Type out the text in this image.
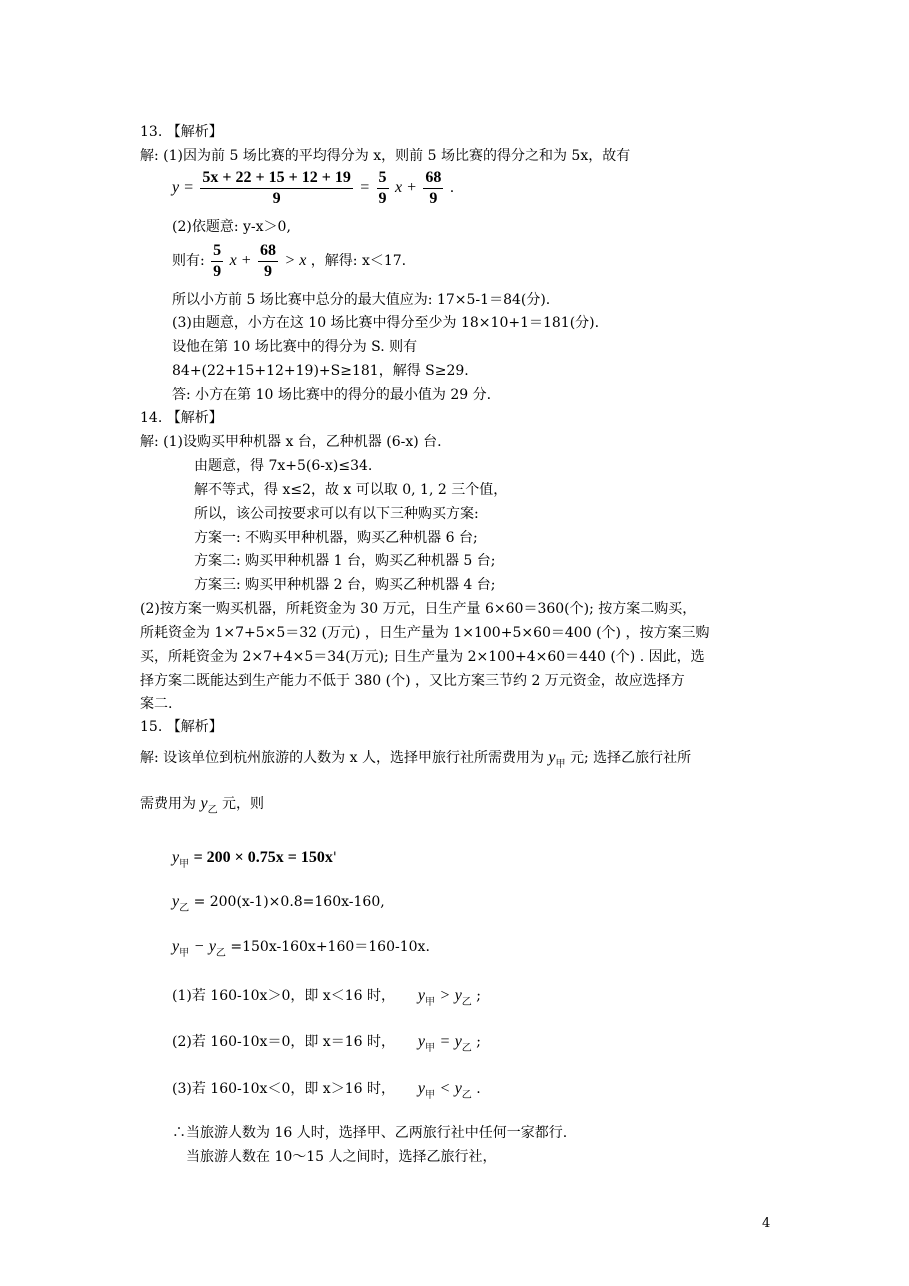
13. 【解析】
解: (1)因为前 5 场比赛的平均得分为 x，则前 5 场比赛的得分之和为 5x，故有
$y = \frac{5x + 22 + 15 + 12 + 19}{9} = \frac{5}{9}$ $x + \frac{68}{9}$ .
(2)依题意: y-x＞0,
则有: $\frac{5}{9}$ $x + \frac{68}{9} > x$ ，解得: x＜17.
所以小方前 5 场比赛中总分的最大值应为: 17×5-1＝84(分).
(3)由题意，小方在这 10 场比赛中得分至少为 18×10+1＝181(分).
设他在第 10 场比赛中的得分为 S. 则有
84+(22+15+12+19)+S≥181，解得 S≥29.
答: 小方在第 10 场比赛中的得分的最小值为 29 分.
14. 【解析】
解: (1)设购买甲种机器 x 台，乙种机器 (6-x) 台.
由题意，得 7x+5(6-x)≤34.
解不等式，得 x≤2，故 x 可以取 0, 1, 2 三个值，
所以，该公司按要求可以有以下三种购买方案:
方案一: 不购买甲种机器，购买乙种机器 6 台;
方案二: 购买甲种机器 1 台，购买乙种机器 5 台;
方案三: 购买甲种机器 2 台，购买乙种机器 4 台;
(2)按方案一购买机器，所耗资金为 30 万元，日生产量 6×60＝360(个); 按方案二购买，
所耗资金为 1×7+5×5＝32 (万元) ，日生产量为 1×100+5×60＝400 (个) ，按方案三购
买，所耗资金为 2×7+4×5＝34(万元); 日生产量为 2×100+4×60＝440 (个) . 因此，选
择方案二既能达到生产能力不低于 380 (个) ，又比方案三节约 2 万元资金，故应选择方
案二.
15. 【解析】
解: 设该单位到杭州旅游的人数为 x 人，选择甲旅行社所需费用为 $y_甲$ 元; 选择乙旅行社所
需费用为 $y_乙$ 元，则
$y_甲 = 200 \times 0.75x = 150x'$
$y_乙 = 200(x-1)\times 0.8=160x-160$,
$y_甲 - y_乙 =150x-160x+160=160-10x$.
(1)若 160-10x＞0，即 x＜16 时， $y_甲 > y_乙$ ;
(2)若 160-10x＝0，即 x＝16 时， $y_甲 = y_乙$ ;
(3)若 160-10x＜0，即 x＞16 时， $y_甲 < y_乙$ .
∴当旅游人数为 16 人时，选择甲、乙两旅行社中任何一家都行.
当旅游人数在 10～15 人之间时，选择乙旅行社，
4
